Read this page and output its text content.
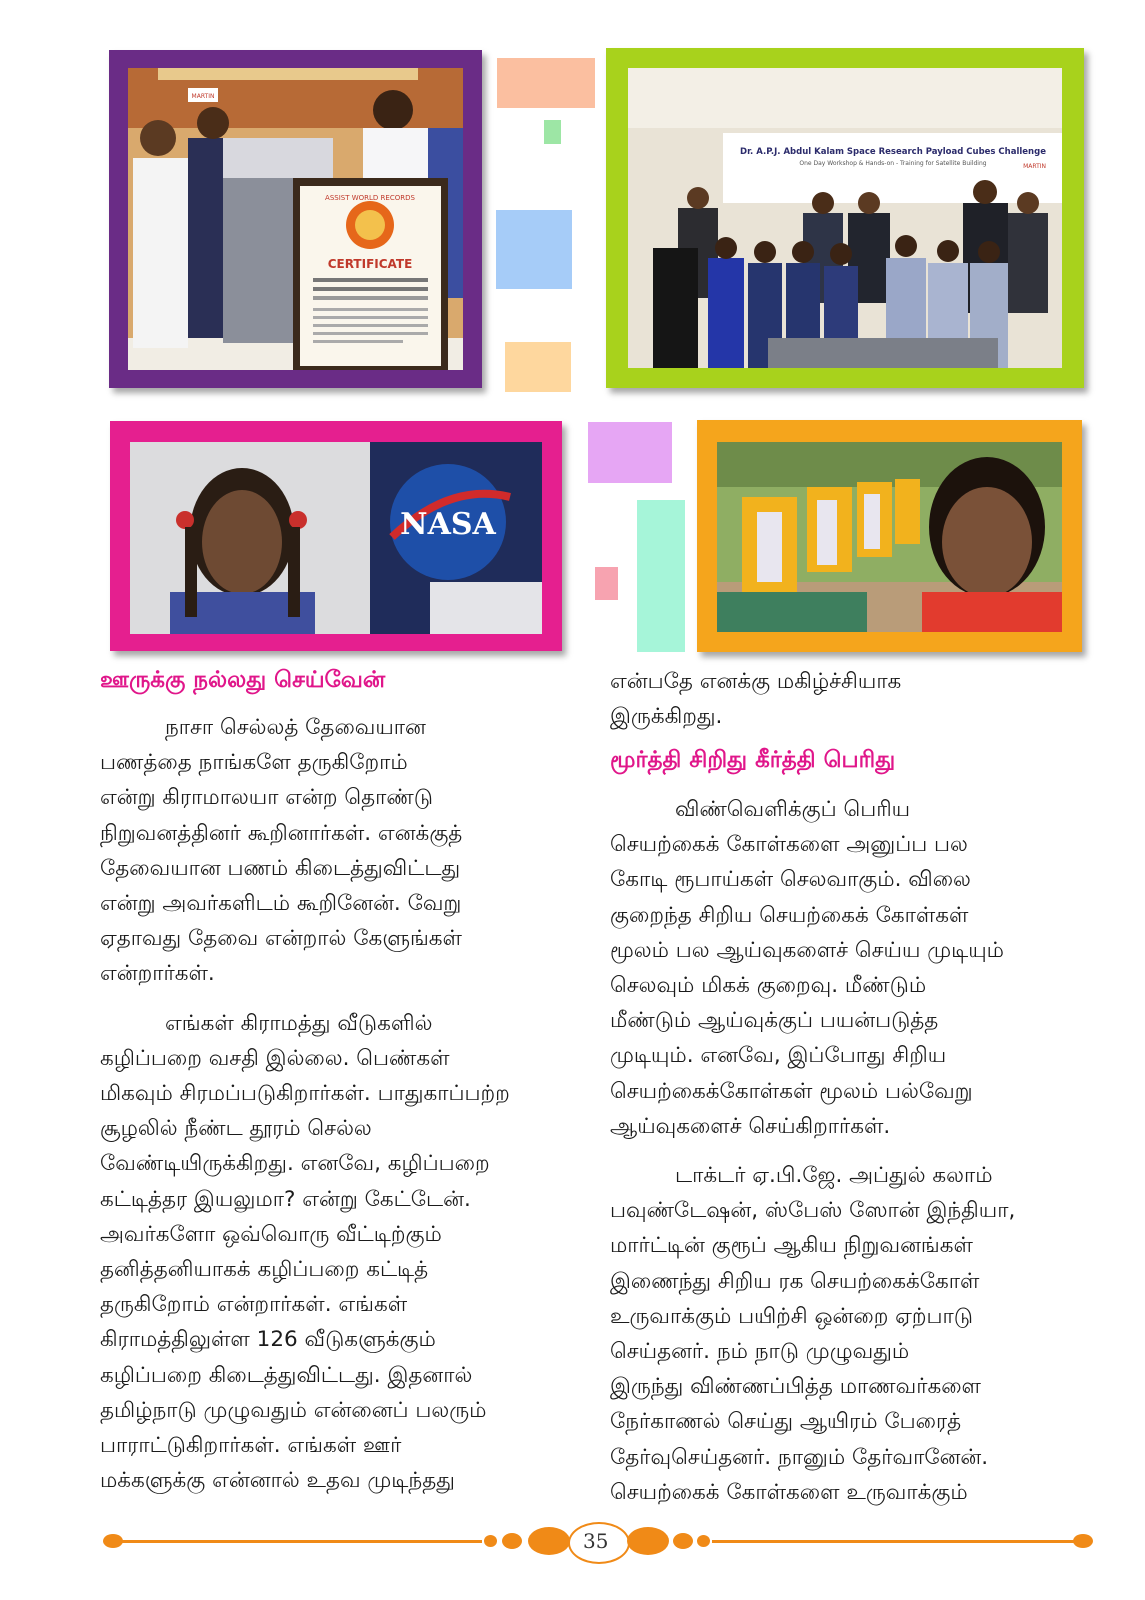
ASSIST WORLD RECORDS
CERTIFICATE
MARTIN
Dr. A.P.J. Abdul Kalam Space Research Payload Cubes Challenge
One Day Workshop & Hands-on - Training for Satellite Building	MARTIN
NASA
ஊருக்கு நல்லது செய்வேன்

நாசா செல்லத் தேவையான

பணத்தை நாங்களே தருகிறோம்

என்று கிராமாலயா என்ற தொண்டு

நிறுவனத்தினர் கூறினார்கள். எனக்குத்

தேவையான பணம் கிடைத்துவிட்டது

என்று அவர்களிடம் கூறினேன். வேறு

ஏதாவது தேவை என்றால் கேளுங்கள்

என்றார்கள்.

எங்கள் கிராமத்து வீடுகளில்

கழிப்பறை வசதி இல்லை. பெண்கள்

மிகவும் சிரமப்படுகிறார்கள். பாதுகாப்பற்ற

சூழலில் நீண்ட தூரம் செல்ல

வேண்டியிருக்கிறது. எனவே, கழிப்பறை

கட்டித்தர இயலுமா? என்று கேட்டேன்.

அவர்களோ ஒவ்வொரு வீட்டிற்கும்

தனித்தனியாகக் கழிப்பறை கட்டித்

தருகிறோம் என்றார்கள். எங்கள்

கிராமத்திலுள்ள 126 வீடுகளுக்கும்

கழிப்பறை கிடைத்துவிட்டது. இதனால்

தமிழ்நாடு முழுவதும் என்னைப் பலரும்

பாராட்டுகிறார்கள். எங்கள் ஊர்

மக்களுக்கு என்னால் உதவ முடிந்தது

என்பதே எனக்கு மகிழ்ச்சியாக

இருக்கிறது.

மூர்த்தி சிறிது கீர்த்தி பெரிது

விண்வெளிக்குப் பெரிய

செயற்கைக் கோள்களை அனுப்ப பல

கோடி ரூபாய்கள் செலவாகும். விலை

குறைந்த சிறிய செயற்கைக் கோள்கள்

மூலம் பல ஆய்வுகளைச் செய்ய முடியும்

செலவும் மிகக் குறைவு. மீண்டும்

மீண்டும் ஆய்வுக்குப் பயன்படுத்த

முடியும். எனவே, இப்போது சிறிய

செயற்கைக்கோள்கள் மூலம் பல்வேறு

ஆய்வுகளைச் செய்கிறார்கள்.

டாக்டர் ஏ.பி.ஜே. அப்துல் கலாம்

பவுண்டேஷன், ஸ்பேஸ் ஸோன் இந்தியா,

மார்ட்டின் குரூப் ஆகிய நிறுவனங்கள்

இணைந்து சிறிய ரக செயற்கைக்கோள்

உருவாக்கும் பயிற்சி ஒன்றை ஏற்பாடு

செய்தனர். நம் நாடு முழுவதும்

இருந்து விண்ணப்பித்த மாணவர்களை

நேர்காணல் செய்து ஆயிரம் பேரைத்

தேர்வுசெய்தனர். நானும் தேர்வானேன்.

செயற்கைக் கோள்களை உருவாக்கும்

35
